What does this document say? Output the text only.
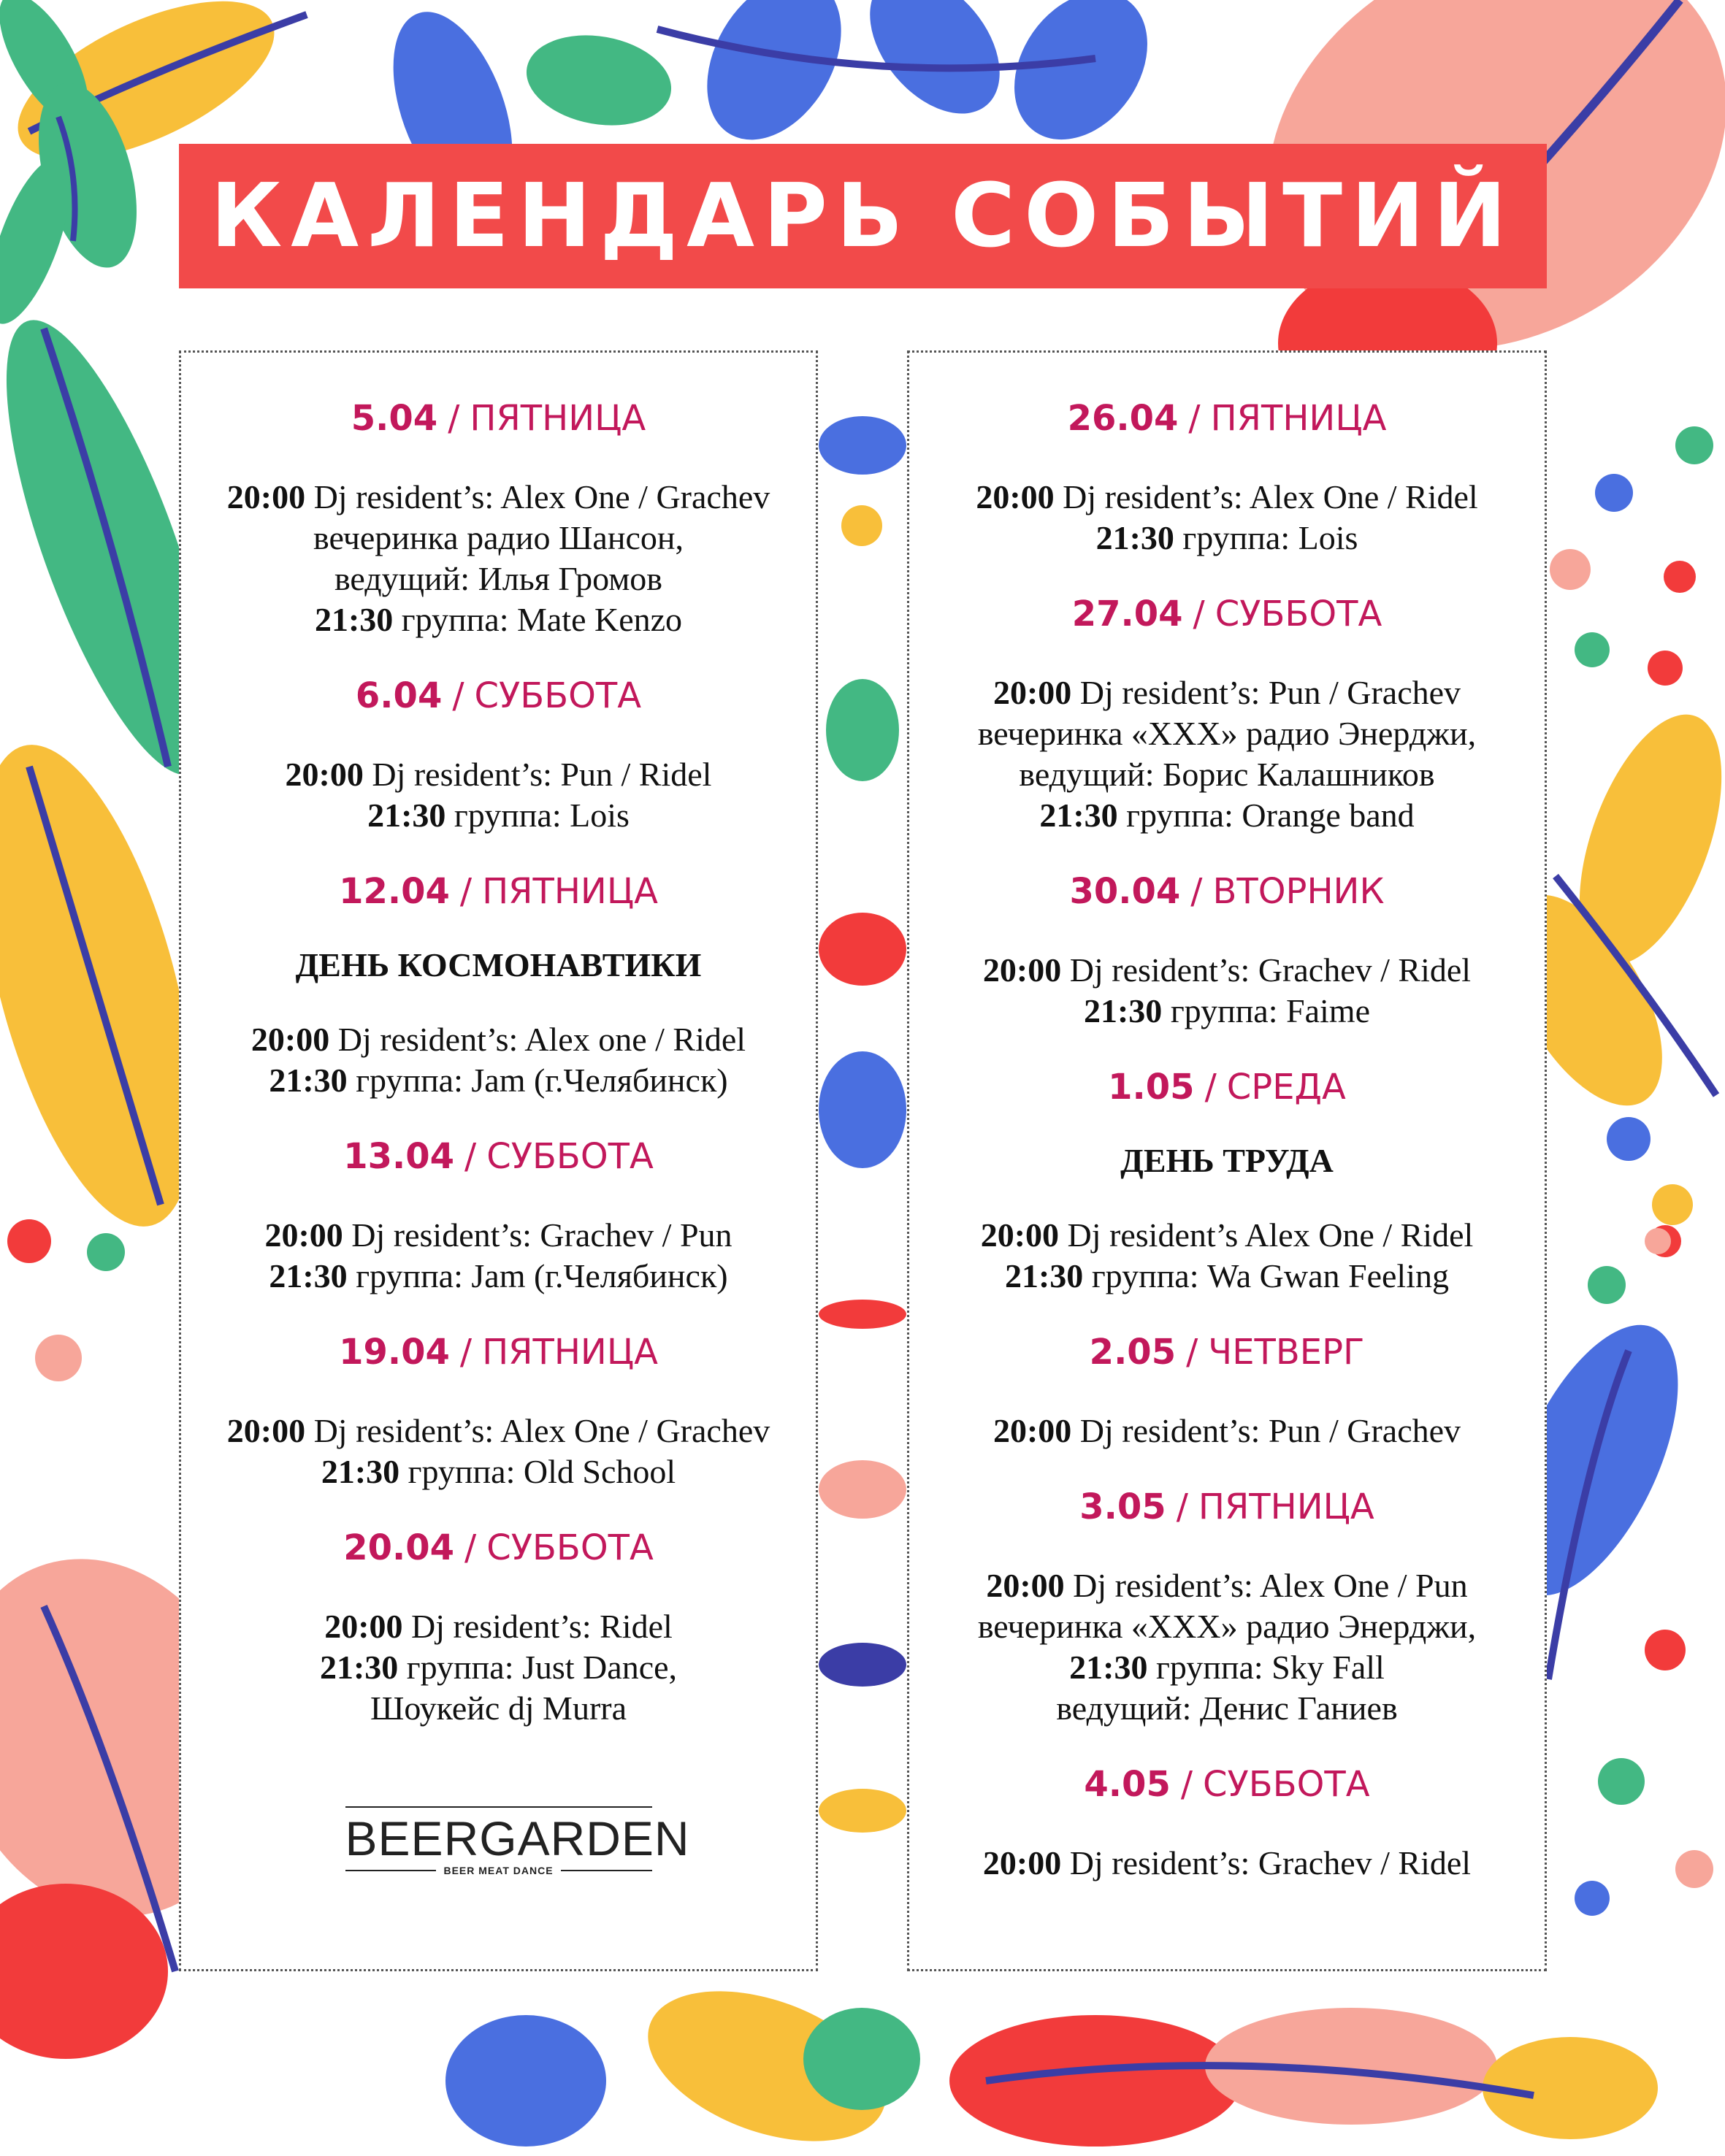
КАЛЕНДАРЬ СОБЫТИЙ
5.04 / ПЯТНИЦА
20:00 Dj resident’s: Alex One / Grachev
вечеринка радио Шансон,
ведущий: Илья Громов
21:30 группа: Mate Kenzo
6.04 / СУББОТА
20:00 Dj resident’s: Pun / Ridel
21:30 группа: Lois
12.04 / ПЯТНИЦА
ДЕНЬ КОСМОНАВТИКИ
20:00 Dj resident’s: Alex one / Ridel
21:30 группа: Jam (г.Челябинск)
13.04 / СУББОТА
20:00 Dj resident’s: Grachev / Pun
21:30 группа: Jam (г.Челябинск)
19.04 / ПЯТНИЦА
20:00 Dj resident’s: Alex One / Grachev
21:30 группа: Old School
20.04 / СУББОТА
20:00 Dj resident’s: Ridel
21:30 группа: Just Dance,
Шоукейс dj Murra
BEERGARDEN
BEER MEAT DANCE
26.04 / ПЯТНИЦА
20:00 Dj resident’s: Alex One / Ridel
21:30 группа: Lois
27.04 / СУББОТА
20:00 Dj resident’s: Pun / Grachev
вечеринка «XXX» радио Энерджи,
ведущий: Борис Калашников
21:30 группа: Orange band
30.04 / ВТОРНИК
20:00 Dj resident’s: Grachev / Ridel
21:30 группа: Faime
1.05 / СРЕДА
ДЕНЬ ТРУДА
20:00 Dj resident’s Alex One / Ridel
21:30 группа: Wa Gwan Feeling
2.05 / ЧЕТВЕРГ
20:00 Dj resident’s: Pun / Grachev
3.05 / ПЯТНИЦА
20:00 Dj resident’s: Alex One / Pun
вечеринка «XXX» радио Энерджи,
21:30 группа: Sky Fall
ведущий: Денис Ганиев
4.05 / СУББОТА
20:00 Dj resident’s: Grachev / Ridel
